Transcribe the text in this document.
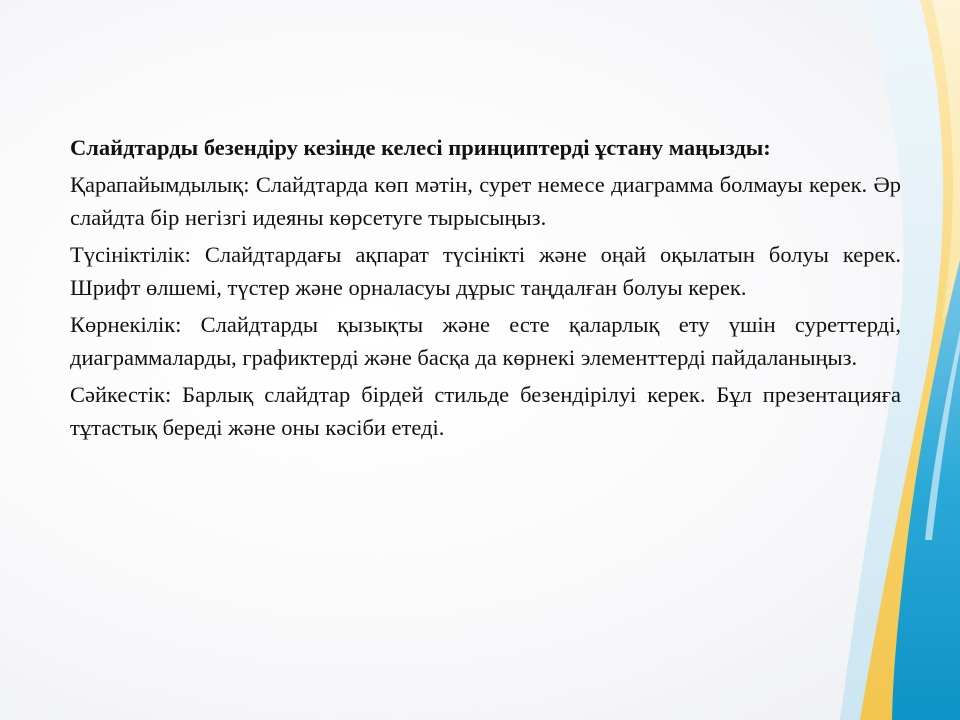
Слайдтарды безендіру кезінде келесі принциптерді ұстану маңызды:

Қарапайымдылық: Слайдтарда көп мәтін, сурет немесе диаграмма болмауы керек. Әр слайдта бір негізгі идеяны көрсетуге тырысыңыз.

Түсініктілік: Слайдтардағы ақпарат түсінікті және оңай оқылатын болуы керек. Шрифт өлшемі, түстер және орналасуы дұрыс таңдалған болуы керек.

Көрнекілік: Слайдтарды қызықты және есте қаларлық ету үшін суреттерді, диаграммаларды, графиктерді және басқа да көрнекі элементтерді пайдаланыңыз.

Сәйкестік: Барлық слайдтар бірдей стильде безендірілуі керек. Бұл презентацияға тұтастық береді және оны кәсіби етеді.
